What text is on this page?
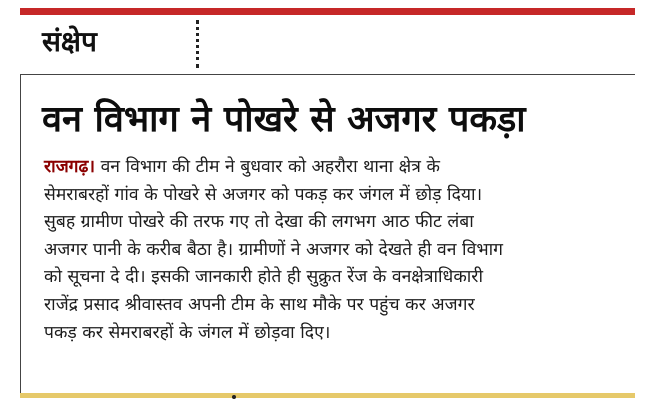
संक्षेप
वन विभाग ने पोखरे से अजगर पकड़ा
राजगढ़। वन विभाग की टीम ने बुधवार को अहरौरा थाना क्षेत्र के
सेमराबरहों गांव के पोखरे से अजगर को पकड़ कर जंगल में छोड़ दिया।
सुबह ग्रामीण पोखरे की तरफ गए तो देखा की लगभग आठ फीट लंबा
अजगर पानी के करीब बैठा है। ग्रामीणों ने अजगर को देखते ही वन विभाग
को सूचना दे दी। इसकी जानकारी होते ही सुक्रुत रेंज के वनक्षेत्राधिकारी
राजेंद्र प्रसाद श्रीवास्तव अपनी टीम के साथ मौके पर पहुंच कर अजगर
पकड़ कर सेमराबरहों के जंगल में छोड़वा दिए।
